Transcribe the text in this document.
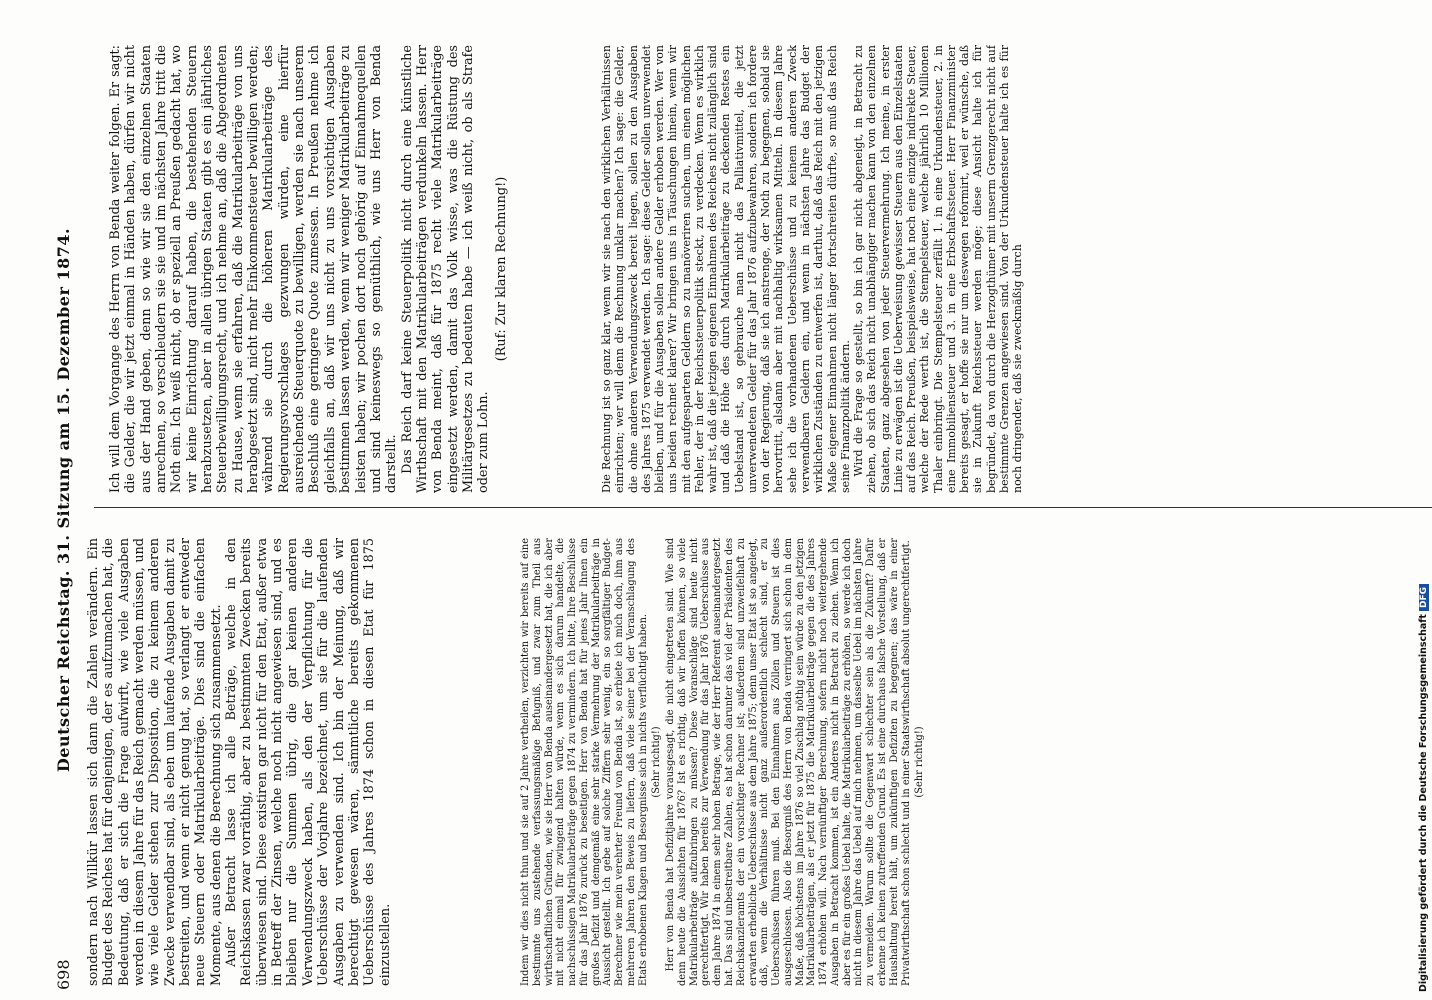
698
Deutscher Reichstag. 31. Sitzung am 15. Dezember 1874. sondern nach Willkür lassen sich dann die Zahlen verändern. Ein Budget des Reiches hat für denjenigen, der es aufzumachen hat, die Bedeutung, daß er sich die Frage aufwirft, wie viele Ausgaben werden in diesem Jahre für das Reich gemacht werden müssen, und wie viele Gelder stehen zur Disposition, die zu keinem anderen Zwecke verwendbar sind, als eben um laufende Ausgaben damit zu bestreiten, und wenn er nicht genug hat, so verlangt er entweder neue Steuern oder Matrikularbeiträge. Dies sind die einfachen Momente, aus denen die Berechnung sich zusammensetzt. Außer Betracht lasse ich alle Beträge, welche in den Reichskassen zwar vorräthig, aber zu bestimmten Zwecken bereits überwiesen sind. Diese existiren gar nicht für den Etat, außer etwa in Betreff der Zinsen, welche noch nicht angewiesen sind, und es bleiben nur die Summen übrig, die gar keinen anderen Verwendungszweck haben, als den der Verpflichtung für die Ueberschüsse der Vorjahre bezeichnet, um sie für die laufenden Ausgaben zu verwenden sind. Ich bin der Meinung, daß wir berechtigt gewesen wären, sämmtliche bereits gekommenen Ueberschüsse des Jahres 1874 schon in diesen Etat für 1875 einzustellen.	Indem wir dies nicht thun und sie auf 2 Jahre vertheilen, verzichten wir bereits auf eine bestimmte uns zustehende verfassungsmäßige Befugniß, und zwar zum Theil aus wirthschaftlichen Gründen, wie sie Herr von Benda auseinandergesetzt hat, die ich aber mit nicht einmal für zwingend halten würde, wenn es sich darum handelte, die nachschüssigen Matrikularbeiträge gegen 1874 zu vermindern. Ich bitte, Ihre Beschlüsse für das Jahr 1876 zurück zu beseitigen. Herr von Benda hat für jenes Jahr Ihnen ein großes Defizit und demgemäß eine sehr starke Vermehrung der Matrikularbeiträge in Aussicht gestellt. Ich gebe auf solche Ziffern sehr wenig, ein so sorgfältiger Budget-Berechner wie mein verehrter Freund von Benda ist, so erbiete ich mich doch, ihm aus mehreren Jahren den Beweis zu liefern, daß viele seiner bei der Veranschlagung des Etats erhobenen Klagen und Besorgnisse sich in nichts verflüchtigt haben. (Sehr richtig!) Herr von Benda hat Defizitjahre vorausgesagt, die nicht eingetreten sind. Wie sind denn heute die Aussichten für 1876? Ist es richtig, daß wir hoffen können, so viele Matrikularbeiträge aufzubringen zu müssen? Diese Voranschläge sind heute nicht gerechtfertigt. Wir haben bereits zur Verwendung für das Jahr 1876 Ueberschüsse aus dem Jahre 1874 in einem sehr hohen Betrage, wie der Herr Referent auseinandergesetzt hat. Das sind unbestreitbare Zahlen, es hat schon darunter das viel der Präsidenten des Reichskanzleramts der ein vorsichtiger Rechner ist; außerdem sind unzweifelhaft zu erwarten erhebliche Ueberschüsse aus dem Jahre 1875; denn unser Etat ist so angelegt, daß, wenn die Verhältnisse nicht ganz außerordentlich schlecht sind, er zu Ueberschüssen führen muß. Bei den Einnahmen aus Zöllen und Steuern ist dies ausgeschlossen. Also die Besorgniß des Herrn von Benda verringert sich schon in dem Maße, daß höchstens im Jahre 1876 so viel Zuschlag nöthig sein würde zu den jetzigen Matrikularbeiträgen, als er jetzt für 1875 die Matrikularbeiträge gegen die des Jahres 1874 erhöhen will. Nach vernünftiger Berechnung, sofern nicht noch weitergehende Ausgaben in Betracht kommen, ist ein Anderes nicht in Betracht zu ziehen. Wenn ich aber es für ein großes Uebel halte, die Matrikularbeiträge zu erhöhen, so werde ich doch nicht in diesem Jahre das Uebel auf mich nehmen, um dasselbe Uebel im nächsten Jahre zu vermeiden. Warum sollte die Gegenwart schlechter sein als die Zukunft? Dafür erkenne ich keinen zutreffenden Grund. Es ist eine durchaus falsche Vorstellung, daß er Haushaltung bereit hält, um zukünftigen Defiziten zu begegnen; das wäre in einer Privatwirthschaft schon schlecht und in einer Staatswirthschaft absolut ungerechtfertigt. (Sehr richtig!)

Ich will dem Vorgange des Herrn von Benda weiter folgen. Er sagt: die Gelder, die wir jetzt einmal in Händen haben, dürfen wir nicht aus der Hand geben, denn so wie wir sie den einzelnen Staaten anrechnen, so verschleudern sie sie und im nächsten Jahre tritt die Noth ein. Ich weiß nicht, ob er speziell an Preußen gedacht hat, wo wir keine Einrichtung darauf haben, die bestehenden Steuern herabzusetzen, aber in allen übrigen Staaten gibt es ein jährliches Steuerbewilligungsrecht, und ich nehme an, daß die Abgeordneten zu Hause, wenn sie erfahren, daß die Matrikularbeiträge von uns herabgesetzt sind, nicht mehr Einkommensteuer bewilligen werden; während sie durch die höheren Matrikularbeiträge des Regierungsvorschlages gezwungen würden, eine hierfür ausreichende Steuerquote zu bewilligen, werden sie nach unserem Beschluß eine geringere Quote zumessen. In Preußen nehme ich gleichfalls an, daß wir uns nicht zu uns vorsichtigen Ausgaben bestimmen lassen werden, wenn wir weniger Matrikularbeiträge zu leisten haben; wir pochen dort noch gehörig auf Einnahmequellen und sind keineswegs so gemüthlich, wie uns Herr von Benda darstellt. Das Reich darf keine Steuerpolitik nicht durch eine künstliche Wirthschaft mit den Matrikularbeiträgen verdunkeln lassen. Herr von Benda meint, daß für 1875 recht viele Matrikularbeiträge eingesetzt werden, damit das Volk wisse, was die Rüstung des Militärgesetzes zu bedeuten habe — ich weiß nicht, ob als Strafe oder zum Lohn.

(Ruf: Zur klaren Rechnung!)	Die Rechnung ist so ganz klar, wenn wir sie nach den wirklichen Verhältnissen einrichten; wer will denn die Rechnung unklar machen? Ich sage: die Gelder, die ohne anderen Verwendungszweck bereit liegen, sollen zu den Ausgaben des Jahres 1875 verwendet werden. Ich sage: diese Gelder sollen unverwendet bleiben, und für die Ausgaben sollen andere Gelder erhoben werden. Wer von uns beiden rechnet klarer? Wir bringen uns in Täuschungen hinein, wenn wir mit den aufgesparten Geldern so zu manöveriren suchen, um einen möglichen Fehler, der in der Reichssteuerpolitik steckt, zu verdecken. Wenn es wirklich wahr ist, daß die jetzigen eigenen Einnahmen des Reiches nicht zulänglich sind und daß die Höhe des durch Matrikularbeiträge zu deckenden Restes ein Uebelstand ist, so gebrauche man nicht das Palliativmittel, die jetzt unverwendeten Gelder für das Jahr 1876 aufzubewahren, sondern ich fordere von der Regierung, daß sie ich anstrenge, der Noth zu begegnen, sobald sie hervortritt, alsdann aber mit nachhaltig wirksamen Mitteln. In diesem Jahre sehe ich die vorhandenen Ueberschüsse und zu keinem anderen Zweck verwendbaren Geldern ein, und wenn in nächsten Jahre das Budget der wirklichen Zuständen zu entwerfen ist, darthut, daß das Reich mit den jetzigen Maße eigener Einnahmen nicht länger fortschreiten dürfte, so muß das Reich seine Finanzpolitik ändern. Wird die Frage so gestellt, so bin ich gar nicht abgeneigt, in Betracht zu ziehen, ob sich das Reich nicht unabhängiger machen kann von den einzelnen Staaten, ganz abgesehen von jeder Steuervermehrung. Ich meine, in erster Linie zu erwägen ist die Ueberweisung gewisser Steuern aus den Einzelstaaten auf das Reich. Preußen, beispielsweise, hat noch eine einzige indirekte Steuer, welche der Rede werth ist, die Stempelsteuer, welche jährlich 10 Millionen Thaler einbringt. Die Stempelsteuer zerfällt 1. in eine Urkundensteuer, 2. in eine Immobiliensteuer und 3. in eine Erbschaftssteuer. Herr Finanzminister bereits gesagt, er hoffe sie nur um deswegen reformirt, weil er wünsche, daß sie in Zukunft Reichssteuer werden möge; diese Ansicht halte ich für begründet, da von durch die Herzogthümer mit unserm Grenzgerecht nicht auf bestimmte Grenzen angewiesen sind. Von der Urkundensteuer halte ich es für noch dringender, daß sie zweckmäßig durch

Digitalisierung gefördert durch die Deutsche ForschungsgemeinschaftDFG
